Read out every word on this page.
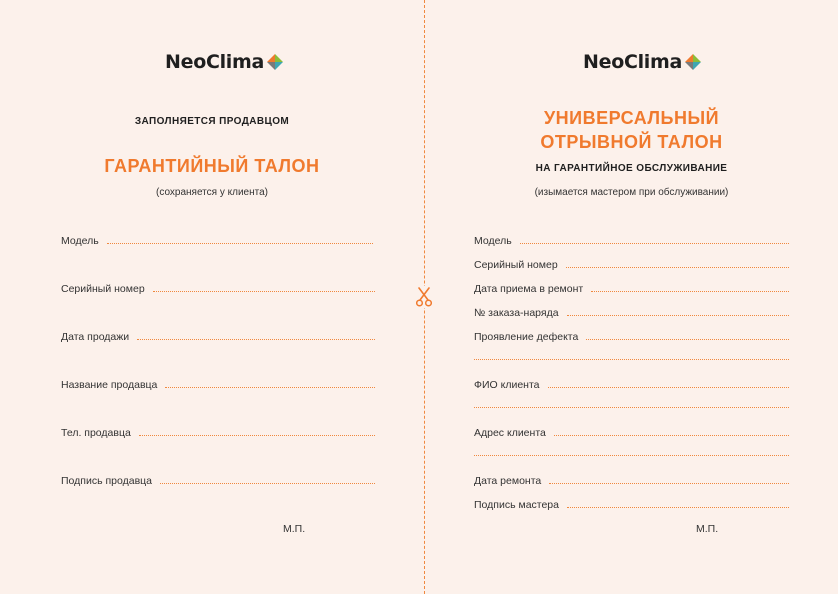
NeoClima
ЗАПОЛНЯЕТСЯ ПРОДАВЦОМ
ГАРАНТИЙНЫЙ ТАЛОН
(сохраняется у клиента)
Модель
Серийный номер
Дата продажи
Название продавца
Тел. продавца
Подпись продавца
М.П.
NeoClima
УНИВЕРСАЛЬНЫЙ
ОТРЫВНОЙ ТАЛОН
НА ГАРАНТИЙНОЕ ОБСЛУЖИВАНИЕ
(изымается мастером при обслуживании)
Модель
Серийный номер
Дата приема в ремонт
№ заказа-наряда
Проявление дефекта
ФИО клиента
Адрес клиента
Дата ремонта
Подпись мастера
М.П.
